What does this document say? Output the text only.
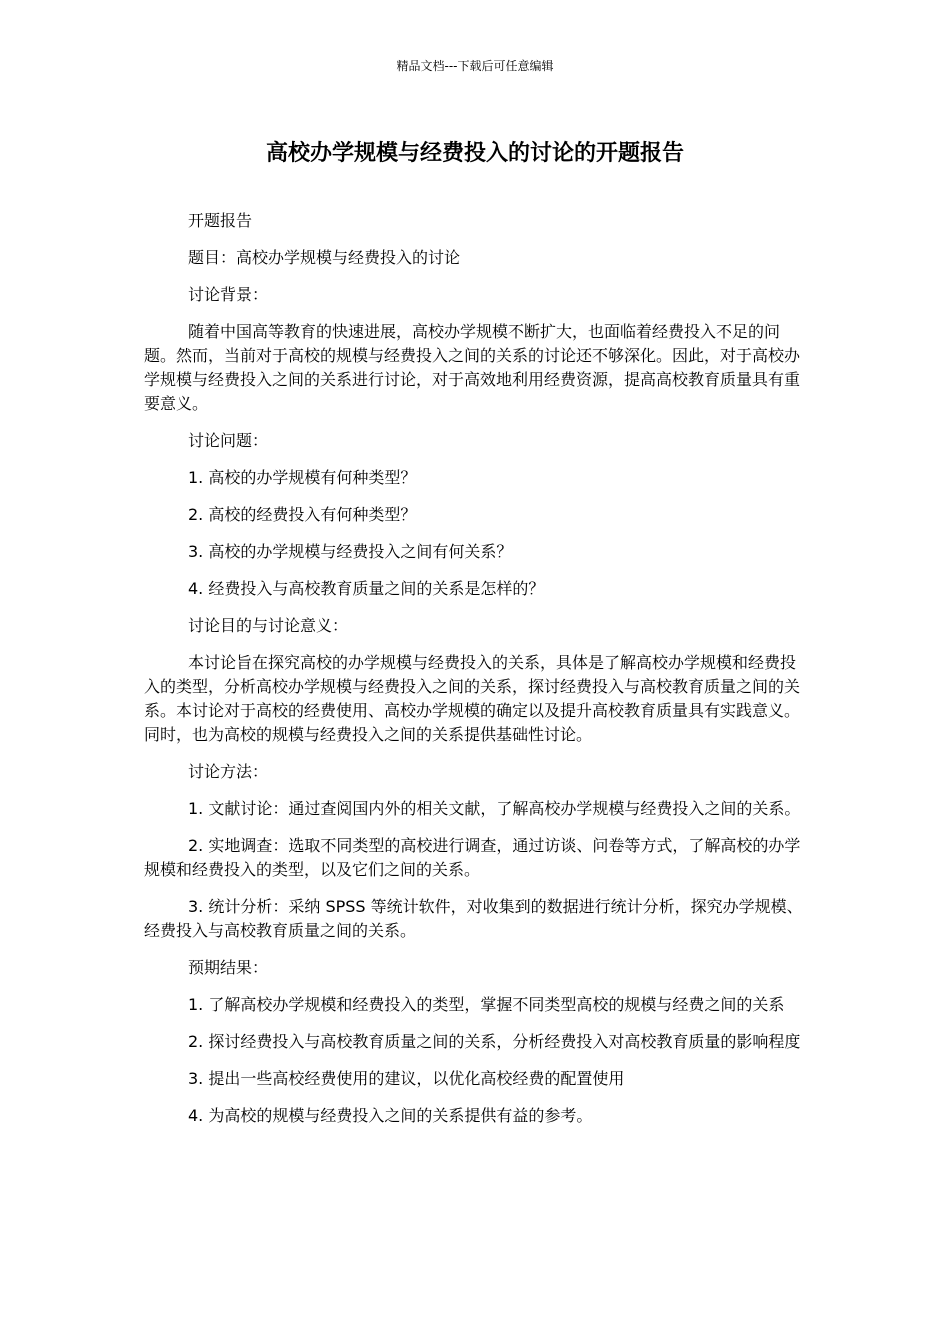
精品文档---下载后可任意编辑
高校办学规模与经费投入的讨论的开题报告

开题报告

题目：高校办学规模与经费投入的讨论

讨论背景：

随着中国高等教育的快速进展，高校办学规模不断扩大，也面临着经费投入不足的问题。然而，当前对于高校的规模与经费投入之间的关系的讨论还不够深化。因此，对于高校办学规模与经费投入之间的关系进行讨论，对于高效地利用经费资源，提高高校教育质量具有重要意义。

讨论问题：

1. 高校的办学规模有何种类型？

2. 高校的经费投入有何种类型？

3. 高校的办学规模与经费投入之间有何关系？

4. 经费投入与高校教育质量之间的关系是怎样的？

讨论目的与讨论意义：

本讨论旨在探究高校的办学规模与经费投入的关系，具体是了解高校办学规模和经费投入的类型，分析高校办学规模与经费投入之间的关系，探讨经费投入与高校教育质量之间的关系。本讨论对于高校的经费使用、高校办学规模的确定以及提升高校教育质量具有实践意义。同时，也为高校的规模与经费投入之间的关系提供基础性讨论。

讨论方法：

1. 文献讨论：通过查阅国内外的相关文献，了解高校办学规模与经费投入之间的关系。

2. 实地调查：选取不同类型的高校进行调查，通过访谈、问卷等方式，了解高校的办学规模和经费投入的类型，以及它们之间的关系。

3. 统计分析：采纳 SPSS 等统计软件，对收集到的数据进行统计分析，探究办学规模、经费投入与高校教育质量之间的关系。

预期结果：

1. 了解高校办学规模和经费投入的类型，掌握不同类型高校的规模与经费之间的关系

2. 探讨经费投入与高校教育质量之间的关系，分析经费投入对高校教育质量的影响程度

3. 提出一些高校经费使用的建议，以优化高校经费的配置使用

4. 为高校的规模与经费投入之间的关系提供有益的参考。
